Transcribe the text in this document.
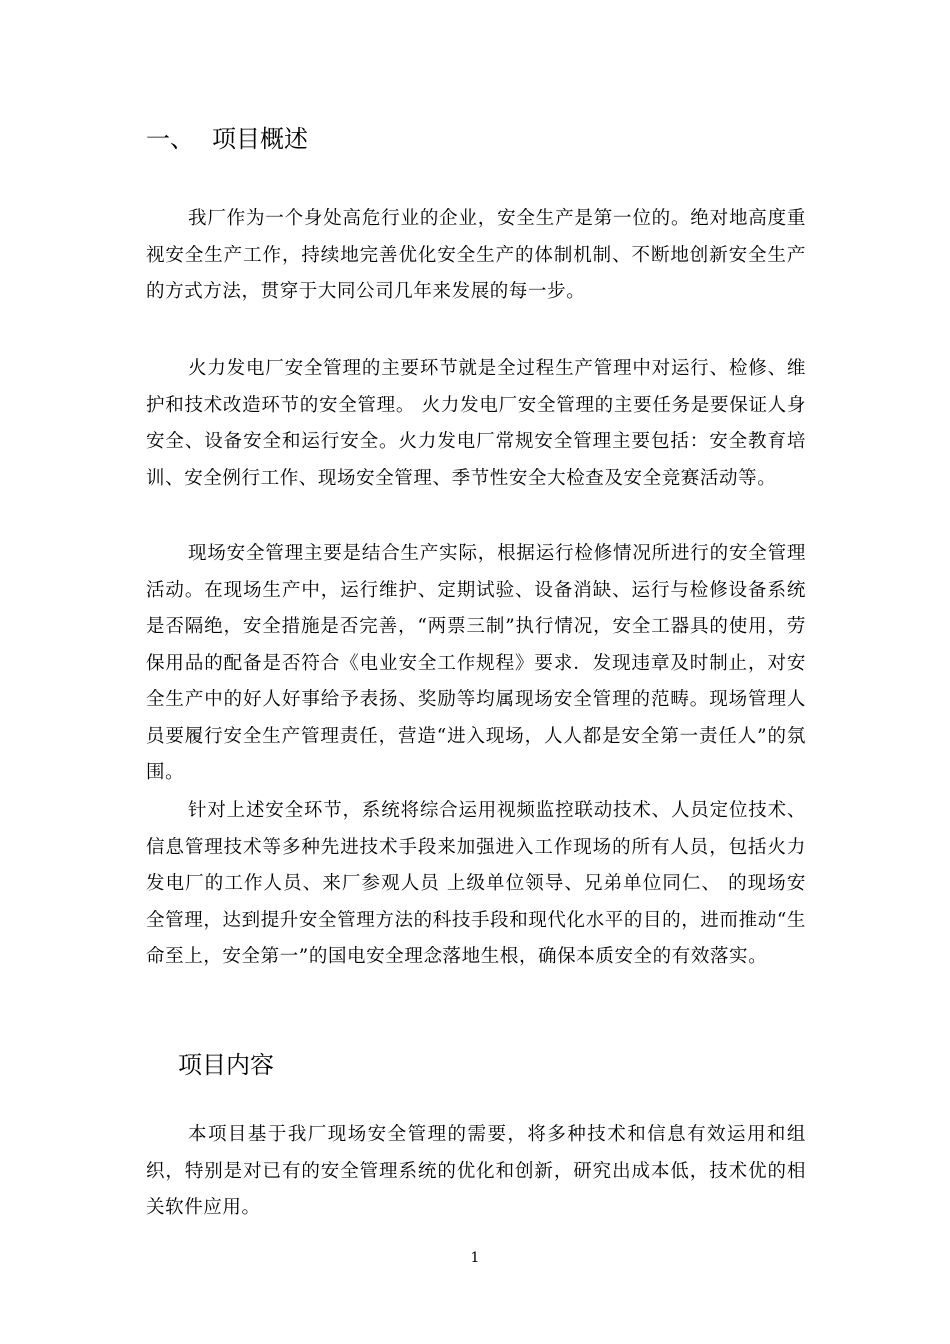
一、 项目概述

我厂作为一个身处高危行业的企业，安全生产是第一位的。绝对地高度重视安全生产工作，持续地完善优化安全生产的体制机制、不断地创新安全生产的方式方法，贯穿于大同公司几年来发展的每一步。

火力发电厂安全管理的主要环节就是全过程生产管理中对运行、检修、维护和技术改造环节的安全管理。 火力发电厂安全管理的主要任务是要保证人身安全、设备安全和运行安全。火力发电厂常规安全管理主要包括：安全教育培训、安全例行工作、现场安全管理、季节性安全大检查及安全竞赛活动等。

现场安全管理主要是结合生产实际，根据运行检修情况所进行的安全管理活动。在现场生产中，运行维护、定期试验、设备消缺、运行与检修设备系统是否隔绝，安全措施是否完善，“两票三制”执行情况，安全工器具的使用，劳保用品的配备是否符合《电业安全工作规程》要求．发现违章及时制止，对安全生产中的好人好事给予表扬、奖励等均属现场安全管理的范畴。现场管理人员要履行安全生产管理责任，营造“进入现场，人人都是安全第一责任人”的氛围。

针对上述安全环节，系统将综合运用视频监控联动技术、人员定位技术、 信息管理技术等多种先进技术手段来加强进入工作现场的所有人员，包括火力发电厂的工作人员、来厂参观人员 上级单位领导、兄弟单位同仁、 的现场安全管理，达到提升安全管理方法的科技手段和现代化水平的目的，进而推动“生命至上，安全第一”的国电安全理念落地生根，确保本质安全的有效落实。

项目内容

本项目基于我厂现场安全管理的需要，将多种技术和信息有效运用和组织，特别是对已有的安全管理系统的优化和创新，研究出成本低，技术优的相关软件应用。

1
